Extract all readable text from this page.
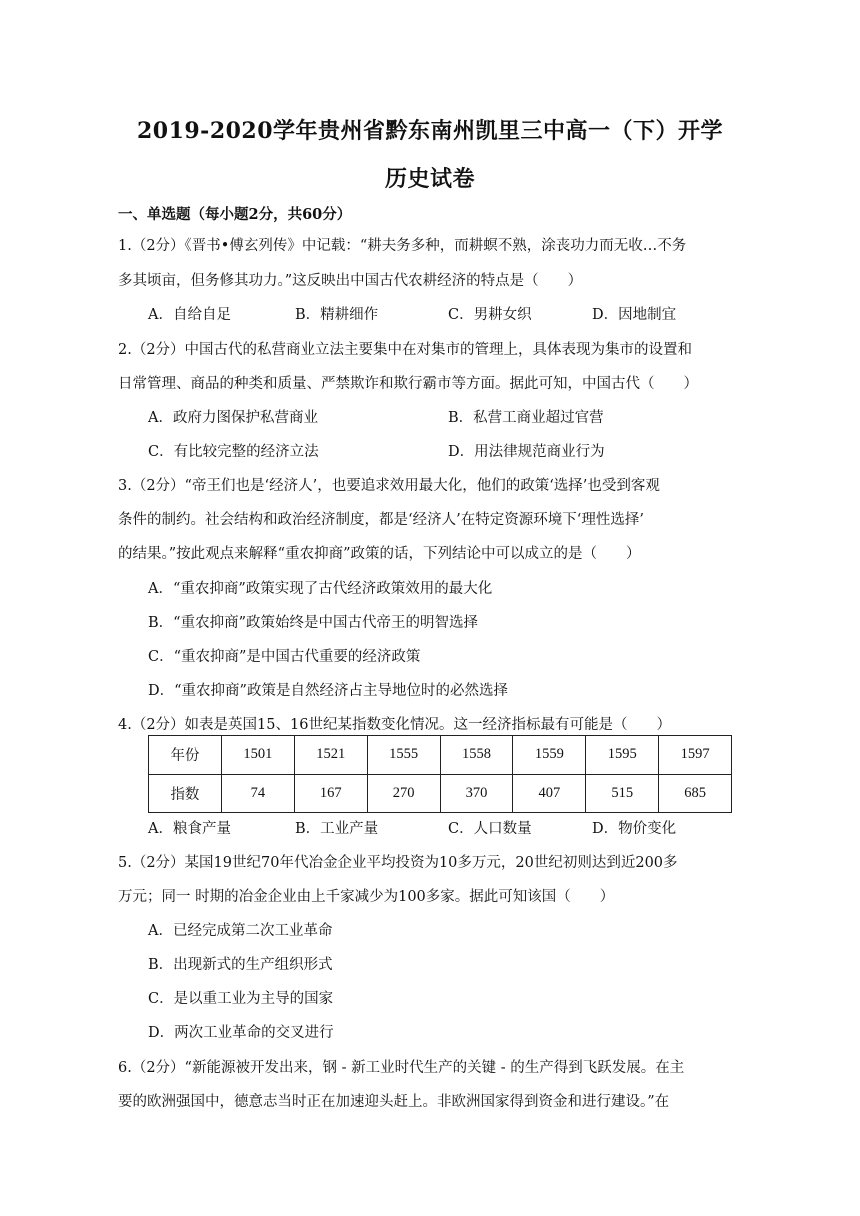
2019-2020学年贵州省黔东南州凯里三中高一（下）开学
历史试卷
一、单选题（每小题2分，共60分）
1.（2分）《晋书•傅玄列传》中记载：“耕夫务多种，而耕螟不熟，涂丧功力而无收…不务
多其顷亩，但务修其功力。”这反映出中国古代农耕经济的特点是（　　）
A．自给自足	B．精耕细作	C．男耕女织	D．因地制宜
2.（2分）中国古代的私营商业立法主要集中在对集市的管理上，具体表现为集市的设置和
日常管理、商品的种类和质量、严禁欺诈和欺行霸市等方面。据此可知，中国古代（　　）
A．政府力图保护私营商业	B．私营工商业超过官营
C．有比较完整的经济立法	D．用法律规范商业行为
3.（2分）“帝王们也是‘经济人’，也要追求效用最大化，他们的政策‘选择’也受到客观
条件的制约。社会结构和政治经济制度，都是‘经济人’在特定资源环境下‘理性选择’
的结果。”按此观点来解释“重农抑商”政策的话，下列结论中可以成立的是（　　）
A．“重农抑商”政策实现了古代经济政策效用的最大化
B．“重农抑商”政策始终是中国古代帝王的明智选择
C．“重农抑商”是中国古代重要的经济政策
D．“重农抑商”政策是自然经济占主导地位时的必然选择
4.（2分）如表是英国15、16世纪某指数变化情况。这一经济指标最有可能是（　　）
年份	1501	1521	1555	1558	1559	1595	1597
指数	74	167	270	370	407	515	685
A．粮食产量	B．工业产量	C．人口数量	D．物价变化
5.（2分）某国19世纪70年代冶金企业平均投资为10多万元，20世纪初则达到近200多
万元；同一 时期的冶金企业由上千家减少为100多家。据此可知该国（　　）
A．已经完成第二次工业革命
B．出现新式的生产组织形式
C．是以重工业为主导的国家
D．两次工业革命的交叉进行
6.（2分）“新能源被开发出来，钢 - 新工业时代生产的关键 - 的生产得到飞跃发展。在主
要的欧洲强国中，德意志当时正在加速迎头赶上。非欧洲国家得到资金和进行建设。”在
